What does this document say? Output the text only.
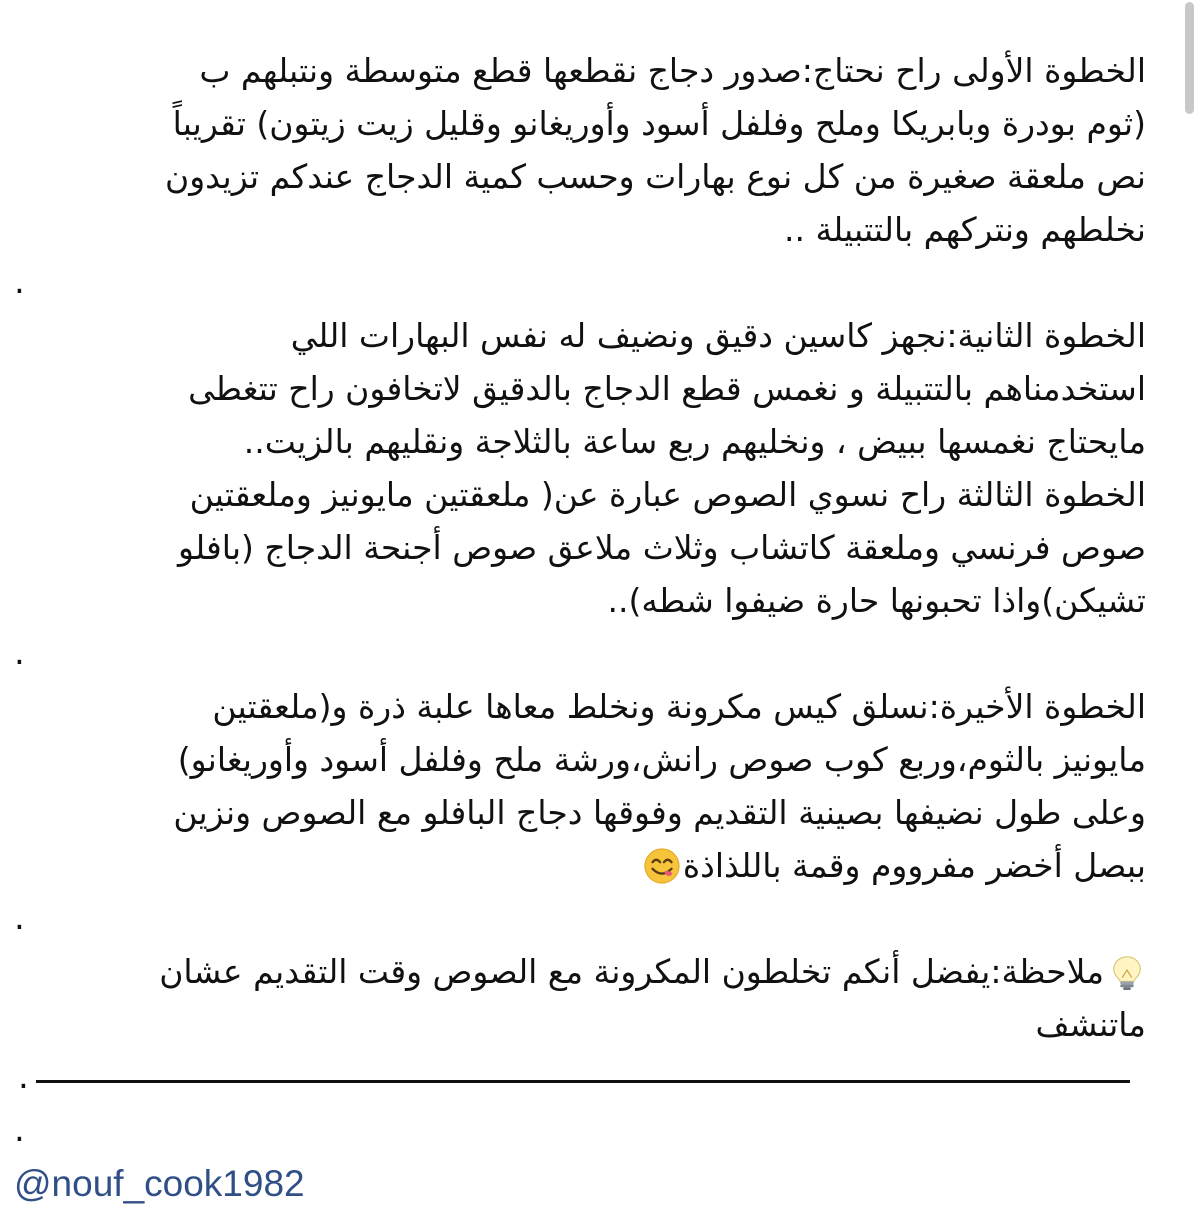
الخطوة الأولى راح نحتاج:صدور دجاج نقطعها قطع متوسطة ونتبلهم ب
(ثوم بودرة وبابريكا وملح وفلفل أسود وأوريغانو وقليل زيت زيتون) تقريباً
نص ملعقة صغيرة من كل نوع بهارات وحسب كمية الدجاج عندكم تزيدون
نخلطهم ونتركهم بالتتبيلة ..
.
الخطوة الثانية:نجهز كاسين دقيق ونضيف له نفس البهارات اللي
استخدمناهم بالتتبيلة و نغمس قطع الدجاج بالدقيق لاتخافون راح تتغطى
مايحتاج نغمسها ببيض ، ونخليهم ربع ساعة بالثلاجة ونقليهم بالزيت..
الخطوة الثالثة راح نسوي الصوص عبارة عن( ملعقتين مايونيز وملعقتين
صوص فرنسي وملعقة كاتشاب وثلاث ملاعق صوص أجنحة الدجاج (بافلو
تشيكن)واذا تحبونها حارة ضيفوا شطه)..
.
الخطوة الأخيرة:نسلق كيس مكرونة ونخلط معاها علبة ذرة و(ملعقتين
مايونيز بالثوم،وربع كوب صوص رانش،ورشة ملح وفلفل أسود وأوريغانو)
وعلى طول نضيفها بصينية التقديم وفوقها دجاج البافلو مع الصوص ونزين
ببصل أخضر مفرووم وقمة باللذاذة
.
ملاحظة:يفضل أنكم تخلطون المكرونة مع الصوص وقت التقديم عشان
ماتنشف
.
.
@nouf_cook1982
